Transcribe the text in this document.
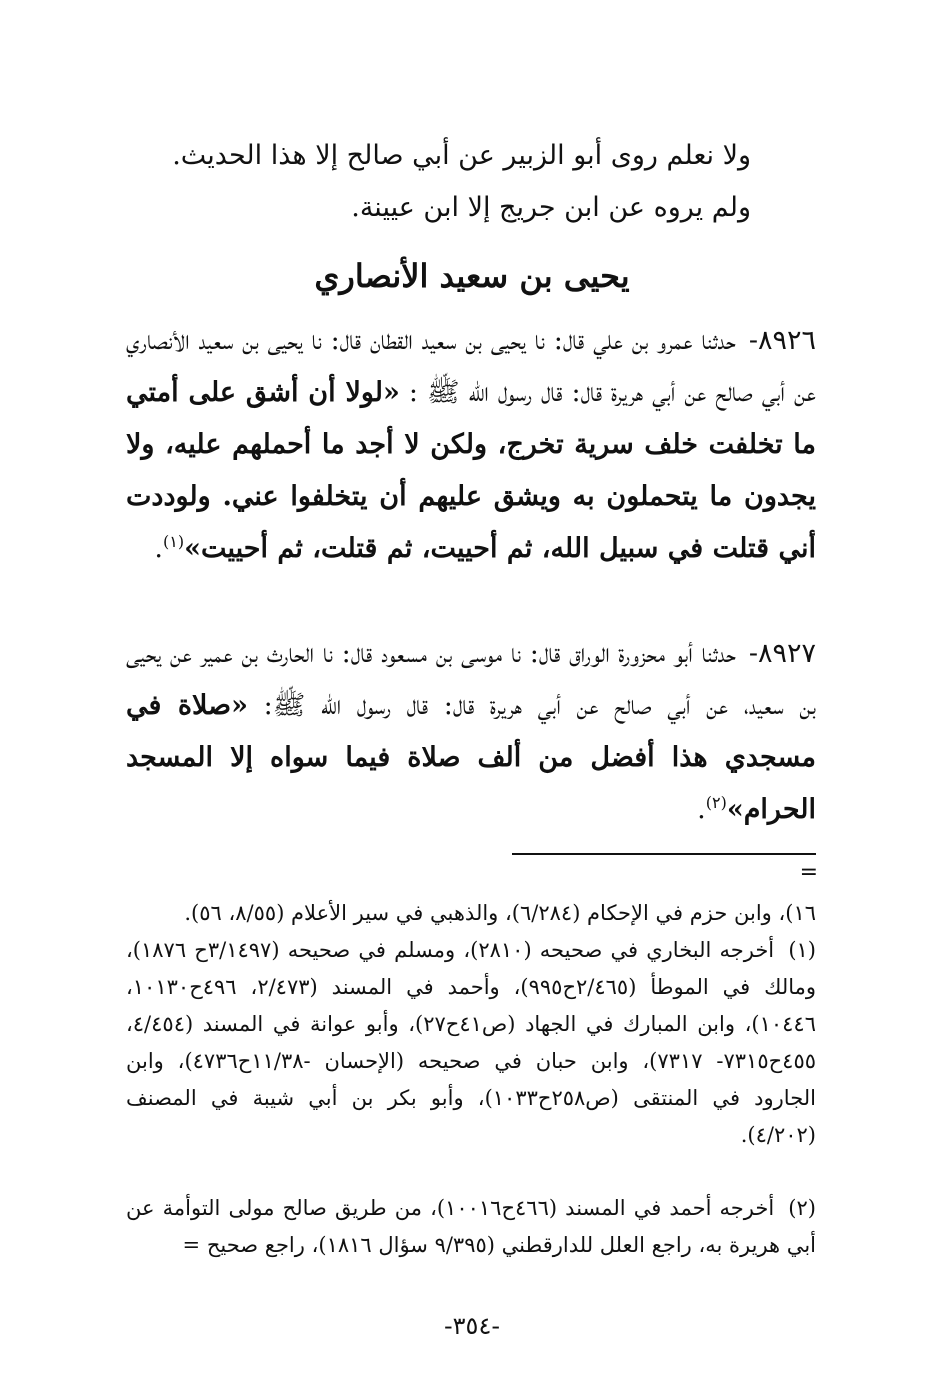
ولا نعلم روى أبو الزبير عن أبي صالح إلا هذا الحديث.
ولم يروه عن ابن جريج إلا ابن عيينة.
يحيى بن سعيد الأنصاري
٨٩٢٦- حدثنا عمرو بن علي قال: نا يحيى بن سعيد القطان قال: نا يحيى بن سعيد الأنصاري عن أبي صالح عن أبي هريرة قال: قال رسول الله ﷺ : «لولا أن أشق على أمتي ما تخلفت خلف سرية تخرج، ولكن لا أجد ما أحملهم عليه، ولا يجدون ما يتحملون به ويشق عليهم أن يتخلفوا عني. ولوددت أني قتلت في سبيل الله، ثم أحييت، ثم قتلت، ثم أحييت»$^{(١)}$.
٨٩٢٧- حدثنا أبو محزورة الوراق قال: نا موسى بن مسعود قال: نا الحارث بن عمير عن يحيى بن سعيد، عن أبي صالح عن أبي هريرة قال: قال رسول الله ﷺ: «صلاة في مسجدي هذا أفضل من ألف صلاة فيما سواه إلا المسجد الحرام»$^{(٢)}$.
=
١٦)، وابن حزم في الإحكام (٦/٢٨٤)، والذهبي في سير الأعلام (٨/٥٥، ٥٦).
(١) أخرجه البخاري في صحيحه (٢٨١٠)، ومسلم في صحيحه (٣/١٤٩٧ح ١٨٧٦)، ومالك في الموطأ (٢/٤٦٥ح٩٩٥)، وأحمد في المسند (٢/٤٧٣، ٤٩٦ح١٠١٣٠، ١٠٤٤٦)، وابن المبارك في الجهاد (ص٤١ح٢٧)، وأبو عوانة في المسند (٤/٤٥٤، ٤٥٥ح٧٣١٥- ٧٣١٧)، وابن حبان في صحيحه (الإحسان -١١/٣٨ح٤٧٣٦)، وابن الجارود في المنتقى (ص٢٥٨ح١٠٣٣)، وأبو بكر بن أبي شيبة في المصنف (٤/٢٠٢).
(٢) أخرجه أحمد في المسند (٤٦٦ح١٠٠١٦)، من طريق صالح مولى التوأمة عن أبي هريرة به، راجع العلل للدارقطني (٩/٣٩٥ سؤال ١٨١٦)، راجع صحيح =
-٣٥٤-
